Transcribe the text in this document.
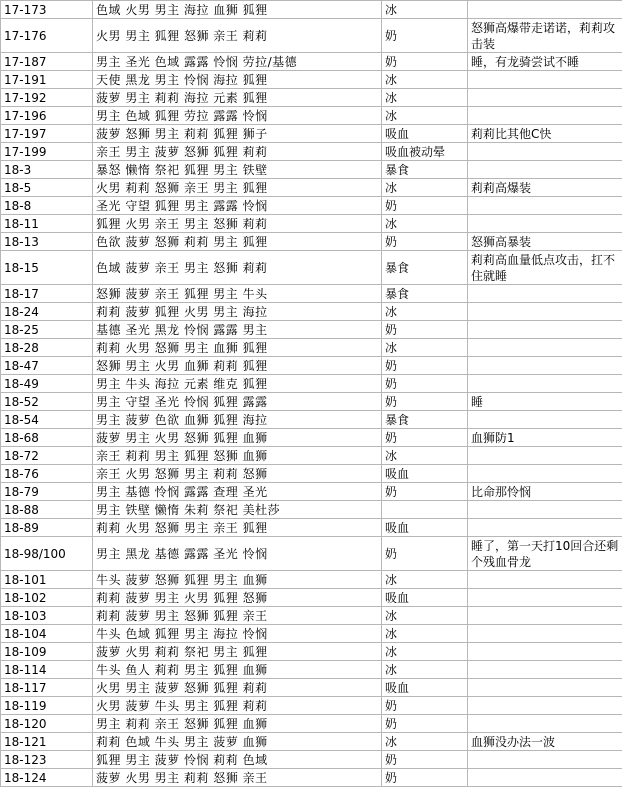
17-173	色域 火男 男主 海拉 血狮 狐狸	冰	
17-176	火男 男主 狐狸 怒狮 亲王 莉莉	奶	怒狮高爆带走诺诺，莉莉攻击装
17-187	男主 圣光 色域 露露 怜悯 劳拉/基德	奶	睡，有龙骑尝试不睡
17-191	天使 黑龙 男主 怜悯 海拉 狐狸	冰	
17-192	菠萝 男主 莉莉 海拉 元素 狐狸	冰	
17-196	男主 色域 狐狸 劳拉 露露 怜悯	冰	
17-197	菠萝 怒狮 男主 莉莉 狐狸 狮子	吸血	莉莉比其他C快
17-199	亲王 男主 菠萝 怒狮 狐狸 莉莉	吸血被动晕	
18-3	暴怒 懒惰 祭祀 狐狸 男主 铁壁	暴食	
18-5	火男 莉莉 怒狮 亲王 男主 狐狸	冰	莉莉高爆装
18-8	圣光 守望 狐狸 男主 露露 怜悯	奶	
18-11	狐狸 火男 亲王 男主 怒狮 莉莉	冰	
18-13	色欲 菠萝 怒狮 莉莉 男主 狐狸	奶	怒狮高暴装
18-15	色域 菠萝 亲王 男主 怒狮 莉莉	暴食	莉莉高血量低点攻击，扛不住就睡
18-17	怒狮 菠萝 亲王 狐狸 男主 牛头	暴食	
18-24	莉莉 菠萝 狐狸 火男 男主 海拉	冰	
18-25	基德 圣光 黑龙 怜悯 露露 男主	奶	
18-28	莉莉 火男 怒狮 男主 血狮 狐狸	冰	
18-47	怒狮 男主 火男 血狮 莉莉 狐狸	奶	
18-49	男主 牛头 海拉 元素 维克 狐狸	奶	
18-52	男主 守望 圣光 怜悯 狐狸 露露	奶	睡
18-54	男主 菠萝 色欲 血狮 狐狸 海拉	暴食	
18-68	菠萝 男主 火男 怒狮 狐狸 血狮	奶	血狮防1
18-72	亲王 莉莉 男主 狐狸 怒狮 血狮	冰	
18-76	亲王 火男 怒狮 男主 莉莉 怒狮	吸血	
18-79	男主 基德 怜悯 露露 查理 圣光	奶	比命那怜悯
18-88	男主 铁壁 懒惰 朱莉 祭祀 美杜莎		
18-89	莉莉 火男 怒狮 男主 亲王 狐狸	吸血	
18-98/100	男主 黑龙 基德 露露 圣光 怜悯	奶	睡了，第一天打10回合还剩个残血骨龙
18-101	牛头 菠萝 怒狮 狐狸 男主 血狮	冰	
18-102	莉莉 菠萝 男主 火男 狐狸 怒狮	吸血	
18-103	莉莉 菠萝 男主 怒狮 狐狸 亲王	冰	
18-104	牛头 色域 狐狸 男主 海拉 怜悯	冰	
18-109	菠萝 火男 莉莉 祭祀 男主 狐狸	冰	
18-114	牛头 鱼人 莉莉 男主 狐狸 血狮	冰	
18-117	火男 男主 菠萝 怒狮 狐狸 莉莉	吸血	
18-119	火男 菠萝 牛头 男主 狐狸 莉莉	奶	
18-120	男主 莉莉 亲王 怒狮 狐狸 血狮	奶	
18-121	莉莉 色域 牛头 男主 菠萝 血狮	冰	血狮没办法一波
18-123	狐狸 男主 菠萝 怜悯 莉莉 色域	奶	
18-124	菠萝 火男 男主 莉莉 怒狮 亲王	奶	
